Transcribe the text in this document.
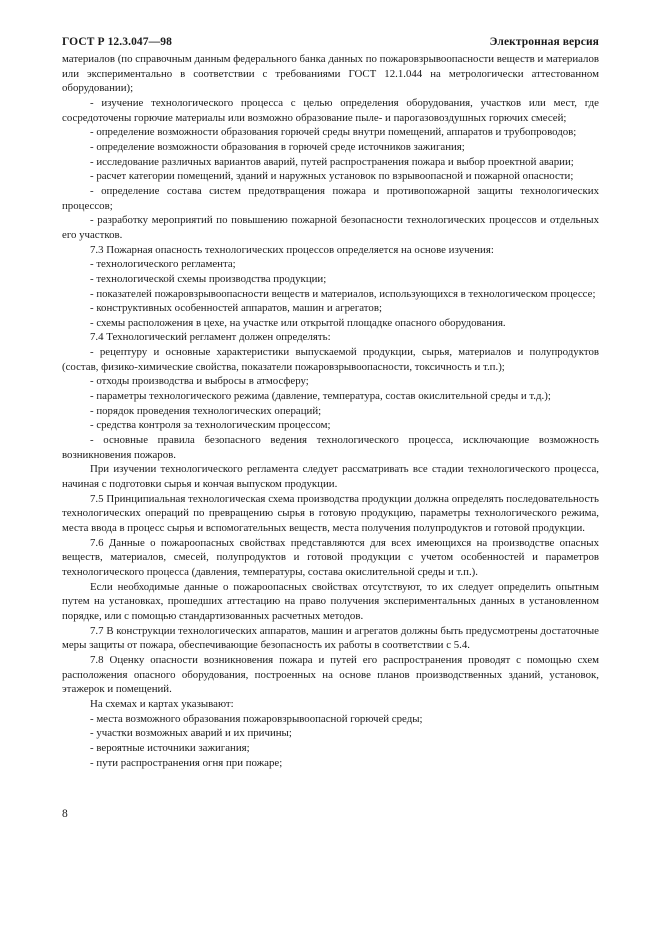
ГОСТ Р 12.3.047—98	Электронная версия

материалов (по справочным данным федерального банка данных по пожаровзрывоопасности веществ и материалов или экспериментально в соответствии с требованиями ГОСТ 12.1.044 на метрологически аттестованном оборудовании);

- изучение технологического процесса с целью определения оборудования, участков или мест, где сосредоточены горючие материалы или возможно образование пыле- и парогазовоздушных горючих смесей;

- определение возможности образования горючей среды внутри помещений, аппаратов и трубопроводов;

- определение возможности образования в горючей среде источников зажигания;

- исследование различных вариантов аварий, путей распространения пожара и выбор проектной аварии;

- расчет категории помещений, зданий и наружных установок по взрывоопасной и пожарной опасности;

- определение состава систем предотвращения пожара и противопожарной защиты технологических процессов;

- разработку мероприятий по повышению пожарной безопасности технологических процессов и отдельных его участков.

7.3 Пожарная опасность технологических процессов определяется на основе изучения:

- технологического регламента;

- технологической схемы производства продукции;

- показателей пожаровзрывоопасности веществ и материалов, использующихся в технологическом процессе;

- конструктивных особенностей аппаратов, машин и агрегатов;

- схемы расположения в цехе, на участке или открытой площадке опасного оборудования.

7.4 Технологический регламент должен определять:

- рецептуру и основные характеристики выпускаемой продукции, сырья, материалов и полупродуктов (состав, физико-химические свойства, показатели пожаровзрывоопасности, токсичность и т.п.);

- отходы производства и выбросы в атмосферу;

- параметры технологического режима (давление, температура, состав окислительной среды и т.д.);

- порядок проведения технологических операций;

- средства контроля за технологическим процессом;

- основные правила безопасного ведения технологического процесса, исключающие возможность возникновения пожаров.

При изучении технологического регламента следует рассматривать все стадии технологического процесса, начиная с подготовки сырья и кончая выпуском продукции.

7.5 Принципиальная технологическая схема производства продукции должна определять последовательность технологических операций по превращению сырья в готовую продукцию, параметры технологического режима, места ввода в процесс сырья и вспомогательных веществ, места получения полупродуктов и готовой продукции.

7.6 Данные о пожароопасных свойствах представляются для всех имеющихся на производстве опасных веществ, материалов, смесей, полупродуктов и готовой продукции с учетом особенностей и параметров технологического процесса (давления, температуры, состава окислительной среды и т.п.).

Если необходимые данные о пожароопасных свойствах отсутствуют, то их следует определить опытным путем на установках, прошедших аттестацию на право получения экспериментальных данных в установленном порядке, или с помощью стандартизованных расчетных методов.

7.7 В конструкции технологических аппаратов, машин и агрегатов должны быть предусмотрены достаточные меры защиты от пожара, обеспечивающие безопасность их работы в соответствии с 5.4.

7.8 Оценку опасности возникновения пожара и путей его распространения проводят с помощью схем расположения опасного оборудования, построенных на основе планов производственных зданий, установок, этажерок и помещений.

На схемах и картах указывают:

- места возможного образования пожаровзрывоопасной горючей среды;

- участки возможных аварий и их причины;

- вероятные источники зажигания;

- пути распространения огня при пожаре;

8
